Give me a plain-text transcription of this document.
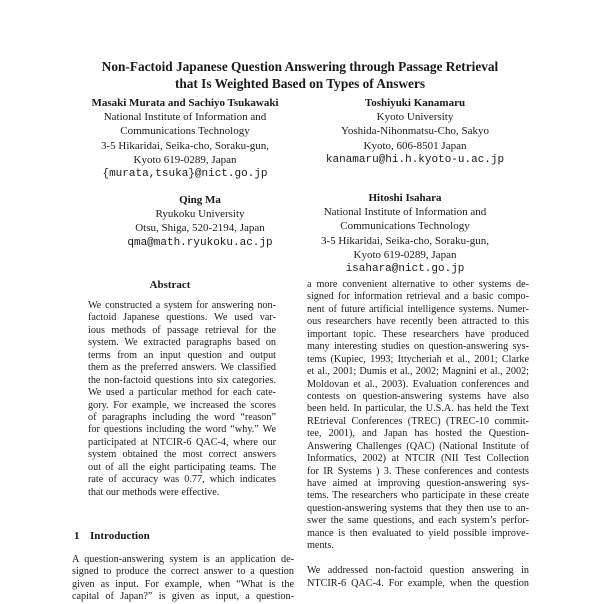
Non-Factoid Japanese Question Answering through Passage Retrieval
that Is Weighted Based on Types of Answers
Masaki Murata and Sachiyo Tsukawaki
National Institute of Information and
Communications Technology
3-5 Hikaridai, Seika-cho, Soraku-gun,
Kyoto 619-0289, Japan
{murata,tsuka}@nict.go.jp
Toshiyuki Kanamaru
Kyoto University
Yoshida-Nihonmatsu-Cho, Sakyo
Kyoto, 606-8501 Japan
kanamaru@hi.h.kyoto-u.ac.jp
Qing Ma
Ryukoku University
Otsu, Shiga, 520-2194, Japan
qma@math.ryukoku.ac.jp
Hitoshi Isahara
National Institute of Information and
Communications Technology
3-5 Hikaridai, Seika-cho, Soraku-gun,
Kyoto 619-0289, Japan
isahara@nict.go.jp
Abstract
We constructed a system for answering non-
factoid Japanese questions. We used var-
ious methods of passage retrieval for the
system. We extracted paragraphs based on
terms from an input question and output
them as the preferred answers. We classified
the non-factoid questions into six categories.
We used a particular method for each cate-
gory. For example, we increased the scores
of paragraphs including the word “reason”
for questions including the word “why.” We
participated at NTCIR-6 QAC-4, where our
system obtained the most correct answers
out of all the eight participating teams. The
rate of accuracy was 0.77, which indicates
that our methods were effective.
1 Introduction
A question-answering system is an application de-
signed to produce the correct answer to a question
given as input. For example, when “What is the
capital of Japan?” is given as input, a question-
a more convenient alternative to other systems de-
signed for information retrieval and a basic compo-
nent of future artificial intelligence systems. Numer-
ous researchers have recently been attracted to this
important topic. These researchers have produced
many interesting studies on question-answering sys-
tems (Kupiec, 1993; Ittycheriah et al., 2001; Clarke
et al., 2001; Dumis et al., 2002; Magnini et al., 2002;
Moldovan et al., 2003). Evaluation conferences and
contests on question-answering systems have also
been held. In particular, the U.S.A. has held the Text
REtrieval Conferences (TREC) (TREC-10 commit-
tee, 2001), and Japan has hosted the Question-
Answering Challenges (QAC) (National Institute of
Informatics, 2002) at NTCIR (NII Test Collection
for IR Systems ) 3. These conferences and contests
have aimed at improving question-answering sys-
tems. The researchers who participate in these create
question-answering systems that they then use to an-
swer the same questions, and each system’s perfor-
mance is then evaluated to yield possible improve-
ments.
We addressed non-factoid question answering in
NTCIR-6 QAC-4. For example, when the question
